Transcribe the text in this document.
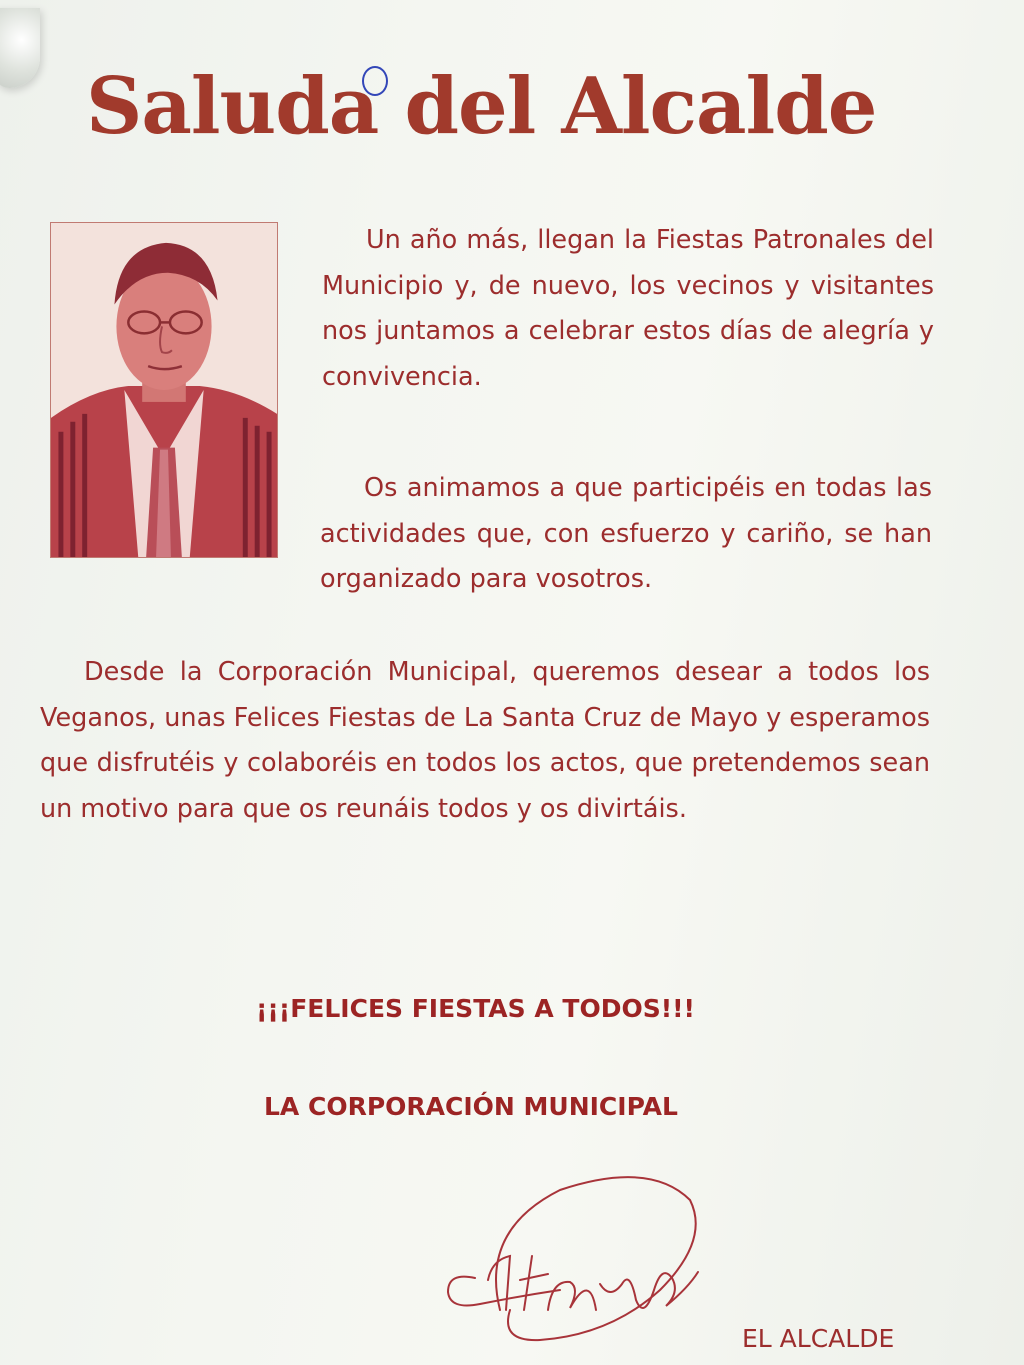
Saluda del Alcalde

Un año más, llegan la Fiestas Patronales del Municipio y, de nuevo, los vecinos y visitantes nos juntamos a celebrar estos días de alegría y convivencia.

Os animamos a que participéis en todas las actividades que, con esfuerzo y cariño, se han organizado para vosotros.

Desde la Corporación Municipal, queremos desear a todos los Veganos, unas Felices Fiestas de La Santa Cruz de Mayo y esperamos que disfrutéis y colaboréis en todos los actos, que pretendemos sean un motivo para que os reunáis todos y os divirtáis.

¡¡¡FELICES FIESTAS A TODOS!!!

LA CORPORACIÓN MUNICIPAL

EL ALCALDE
